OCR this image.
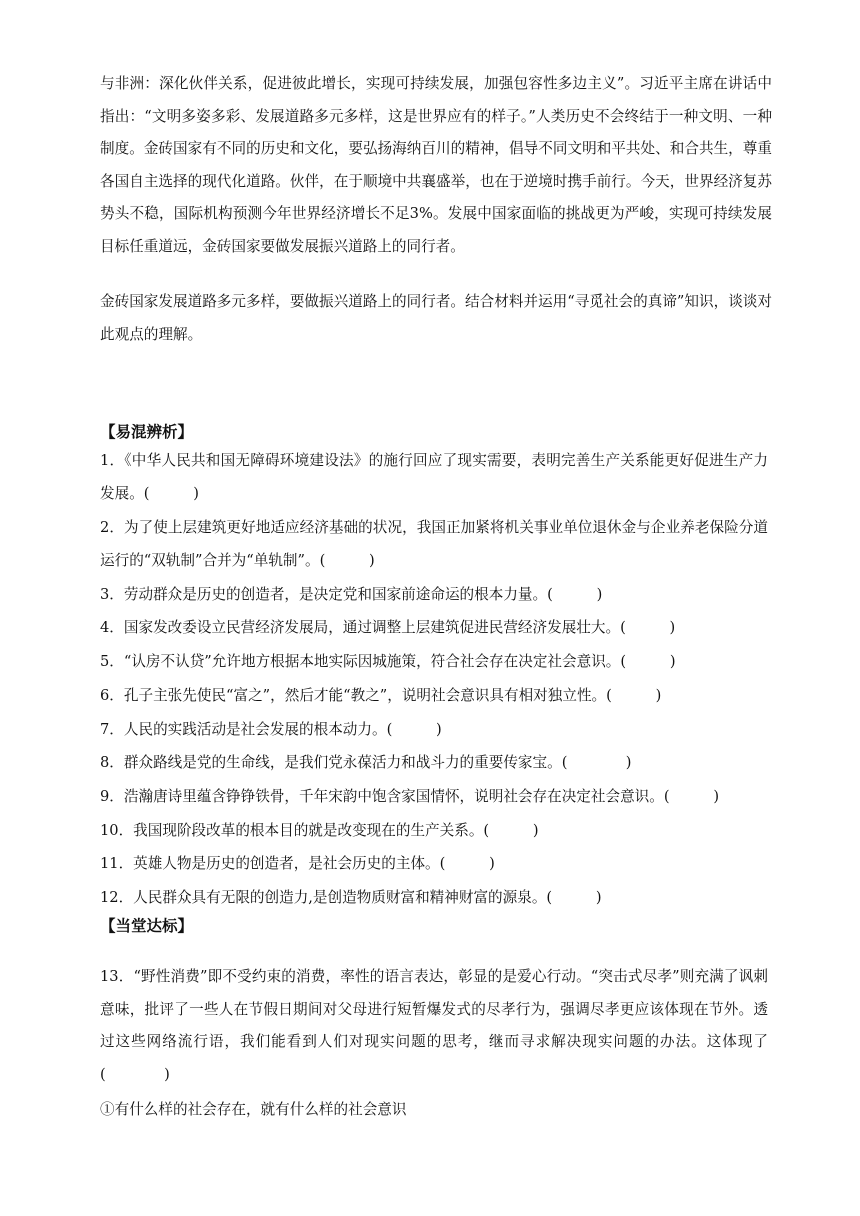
与非洲：深化伙伴关系，促进彼此增长，实现可持续发展，加强包容性多边主义”。习近平主席在讲话中指出：“文明多姿多彩、发展道路多元多样，这是世界应有的样子。”人类历史不会终结于一种文明、一种制度。金砖国家有不同的历史和文化，要弘扬海纳百川的精神，倡导不同文明和平共处、和合共生，尊重各国自主选择的现代化道路。伙伴，在于顺境中共襄盛举，也在于逆境时携手前行。今天，世界经济复苏势头不稳，国际机构预测今年世界经济增长不足3%。发展中国家面临的挑战更为严峻，实现可持续发展目标任重道远，金砖国家要做发展振兴道路上的同行者。

金砖国家发展道路多元多样，要做振兴道路上的同行者。结合材料并运用“寻觅社会的真谛”知识，谈谈对此观点的理解。

【易混辨析】

1．《中华人民共和国无障碍环境建设法》的施行回应了现实需要，表明完善生产关系能更好促进生产力发展。(　　　)

2．为了使上层建筑更好地适应经济基础的状况，我国正加紧将机关事业单位退休金与企业养老保险分道运行的“双轨制”合并为“单轨制”。(　　　)

3．劳动群众是历史的创造者，是决定党和国家前途命运的根本力量。(　　　)
4．国家发改委设立民营经济发展局，通过调整上层建筑促进民营经济发展壮大。(　　　)
5．“认房不认贷”允许地方根据本地实际因城施策，符合社会存在决定社会意识。(　　　)
6．孔子主张先使民“富之”，然后才能“教之”，说明社会意识具有相对独立性。(　　　)
7．人民的实践活动是社会发展的根本动力。(　　　)
8．群众路线是党的生命线，是我们党永葆活力和战斗力的重要传家宝。(　　　　)
9．浩瀚唐诗里蕴含铮铮铁骨，千年宋韵中饱含家国情怀，说明社会存在决定社会意识。(　　　)
10．我国现阶段改革的根本目的就是改变现在的生产关系。(　　　)
11．英雄人物是历史的创造者，是社会历史的主体。(　　　)
12．人民群众具有无限的创造力,是创造物质财富和精神财富的源泉。(　　　)
【当堂达标】

13．“野性消费”即不受约束的消费，率性的语言表达，彰显的是爱心行动。“突击式尽孝”则充满了讽刺意味，批评了一些人在节假日期间对父母进行短暂爆发式的尽孝行为，强调尽孝更应该体现在节外。透过这些网络流行语，我们能看到人们对现实问题的思考，继而寻求解决现实问题的办法。这体现了(　　　　)

①有什么样的社会存在，就有什么样的社会意识
